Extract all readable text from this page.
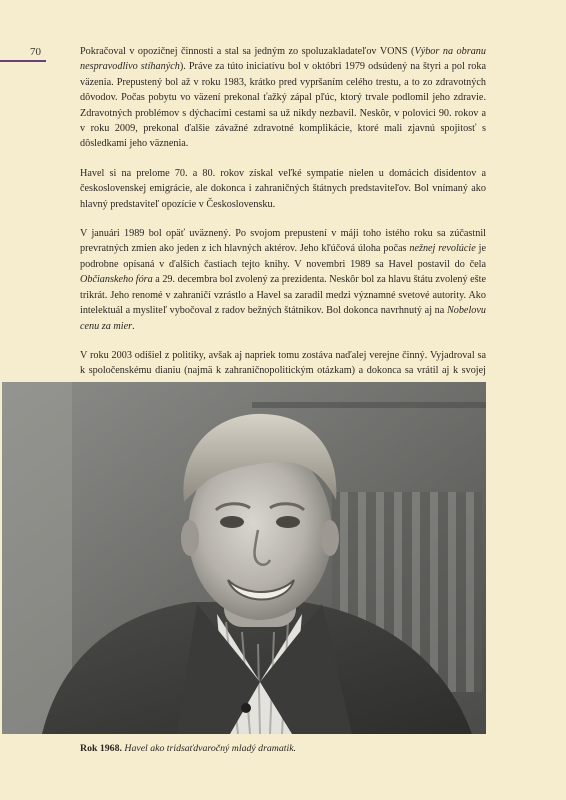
70	Pokračoval v opozičnej činnosti a stal sa jedným zo spoluzakladateľov VONS (Výbor na obranu nespravodlivo stíhaných). Práve za túto iniciatívu bol v októbri 1979 odsúdený na štyri a pol roka väzenia. Prepustený bol až v roku 1983, krátko pred vypršaním celého trestu, a to zo zdravotných dôvodov. Počas pobytu vo väzení prekonal ťažký zápal pľúc, ktorý trvale podlomil jeho zdravie. Zdravotných problémov s dýchacími cestami sa už nikdy nezbavil. Neskôr, v polovici 90. rokov a v roku 2009, prekonal ďalšie závažné zdravotné komplikácie, ktoré mali zjavnú spojitosť s dôsledkami jeho väznenia.

Havel si na prelome 70. a 80. rokov získal veľké sympatie nielen u domácich disidentov a československej emigrácie, ale dokonca i zahraničných štátnych predstaviteľov. Bol vnímaný ako hlavný predstaviteľ opozície v Československu.

V januári 1989 bol opäť uväznený. Po svojom prepustení v máji toho istého roku sa zúčastnil prevratných zmien ako jeden z ich hlavných aktérov. Jeho kľúčová úloha počas nežnej revolúcie je podrobne opísaná v ďalších častiach tejto knihy. V novembri 1989 sa Havel postavil do čela Občianskeho fóra a 29. decembra bol zvolený za prezidenta. Neskôr bol za hlavu štátu zvolený ešte trikrát. Jeho renomé v zahraničí vzrástlo a Havel sa zaradil medzi významné svetové autority. Ako intelektuál a mysliteľ vybočoval z radov bežných štátnikov. Bol dokonca navrhnutý aj na Nobelovu cenu za mier.

V roku 2003 odišiel z politiky, avšak aj napriek tomu zostáva naďalej verejne činný. Vyjadroval sa k spoločenskému dianiu (najmä k zahraničnopolitickým otázkam) a dokonca sa vrátil aj k svojej

Rok 1968. Havel ako tridsaťdvaročný mladý dramatik.
